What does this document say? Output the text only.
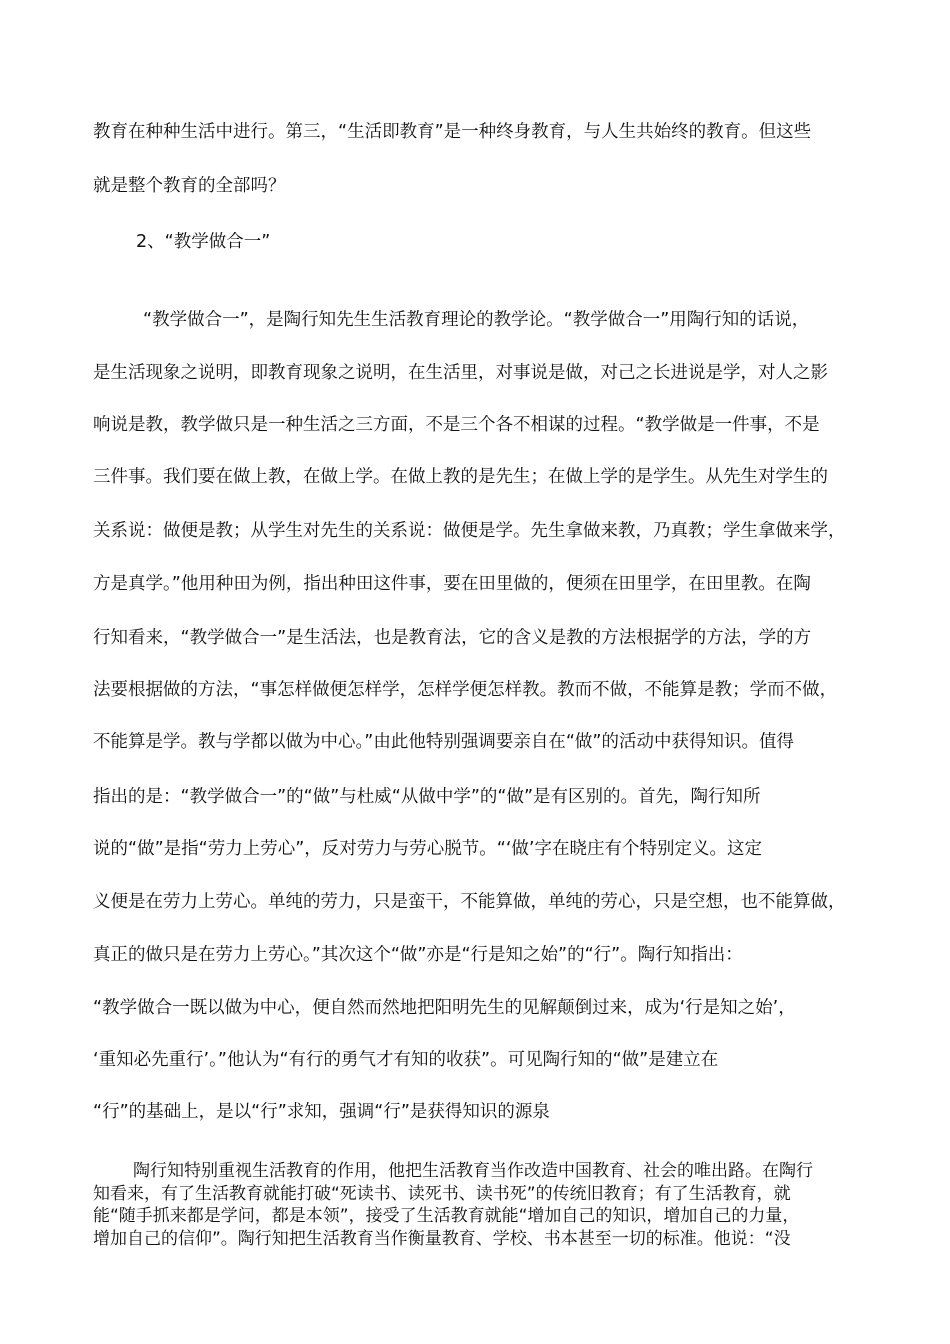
教育在种种生活中进行。第三，“生活即教育”是一种终身教育，与人生共始终的教育。但这些
就是整个教育的全部吗？
2、“教学做合一”
“教学做合一”，是陶行知先生生活教育理论的教学论。“教学做合一”用陶行知的话说，
是生活现象之说明，即教育现象之说明，在生活里，对事说是做，对己之长进说是学，对人之影
响说是教，教学做只是一种生活之三方面，不是三个各不相谋的过程。“教学做是一件事，不是
三件事。我们要在做上教，在做上学。在做上教的是先生；在做上学的是学生。从先生对学生的
关系说：做便是教；从学生对先生的关系说：做便是学。先生拿做来教，乃真教；学生拿做来学，
方是真学。”他用种田为例，指出种田这件事，要在田里做的，便须在田里学，在田里教。在陶
行知看来，“教学做合一”是生活法，也是教育法，它的含义是教的方法根据学的方法，学的方
法要根据做的方法，“事怎样做便怎样学，怎样学便怎样教。教而不做，不能算是教；学而不做，
不能算是学。教与学都以做为中心。”由此他特别强调要亲自在“做”的活动中获得知识。值得
指出的是：“教学做合一”的“做”与杜威“从做中学”的“做”是有区别的。首先，陶行知所
说的“做”是指“劳力上劳心”，反对劳力与劳心脱节。“‘做’字在晓庄有个特别定义。这定
义便是在劳力上劳心。单纯的劳力，只是蛮干，不能算做，单纯的劳心，只是空想，也不能算做，
真正的做只是在劳力上劳心。”其次这个“做”亦是“行是知之始”的“行”。陶行知指出：
“教学做合一既以做为中心，便自然而然地把阳明先生的见解颠倒过来，成为‘行是知之始’，
‘重知必先重行’。”他认为“有行的勇气才有知的收获”。可见陶行知的“做”是建立在
“行”的基础上，是以“行”求知，强调“行”是获得知识的源泉
陶行知特别重视生活教育的作用，他把生活教育当作改造中国教育、社会的唯出路。在陶行
知看来，有了生活教育就能打破“死读书、读死书、读书死”的传统旧教育；有了生活教育，就
能“随手抓来都是学问，都是本领”，接受了生活教育就能“增加自己的知识，增加自己的力量，
增加自己的信仰”。陶行知把生活教育当作衡量教育、学校、书本甚至一切的标准。他说：“没
